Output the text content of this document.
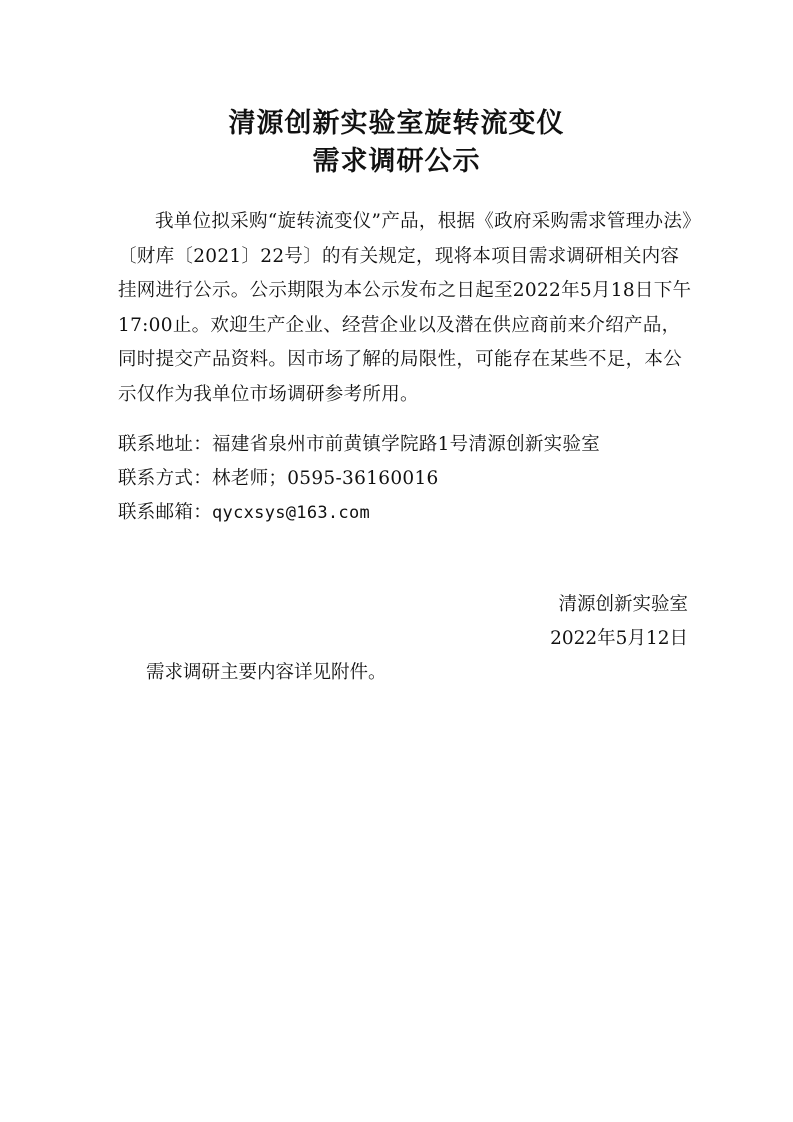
清源创新实验室旋转流变仪
需求调研公示

我单位拟采购“旋转流变仪”产品，根据《政府采购需求管理办法》〔财库〔2021〕22号〕的有关规定，现将本项目需求调研相关内容挂网进行公示。公示期限为本公示发布之日起至2022年5月18日下午17:00止。欢迎生产企业、经营企业以及潜在供应商前来介绍产品，同时提交产品资料。因市场了解的局限性，可能存在某些不足，本公示仅作为我单位市场调研参考所用。

联系地址：福建省泉州市前黄镇学院路1号清源创新实验室

联系方式：林老师；0595-36160016

联系邮箱：qycxsys@163.com

清源创新实验室

2022年5月12日

需求调研主要内容详见附件。
